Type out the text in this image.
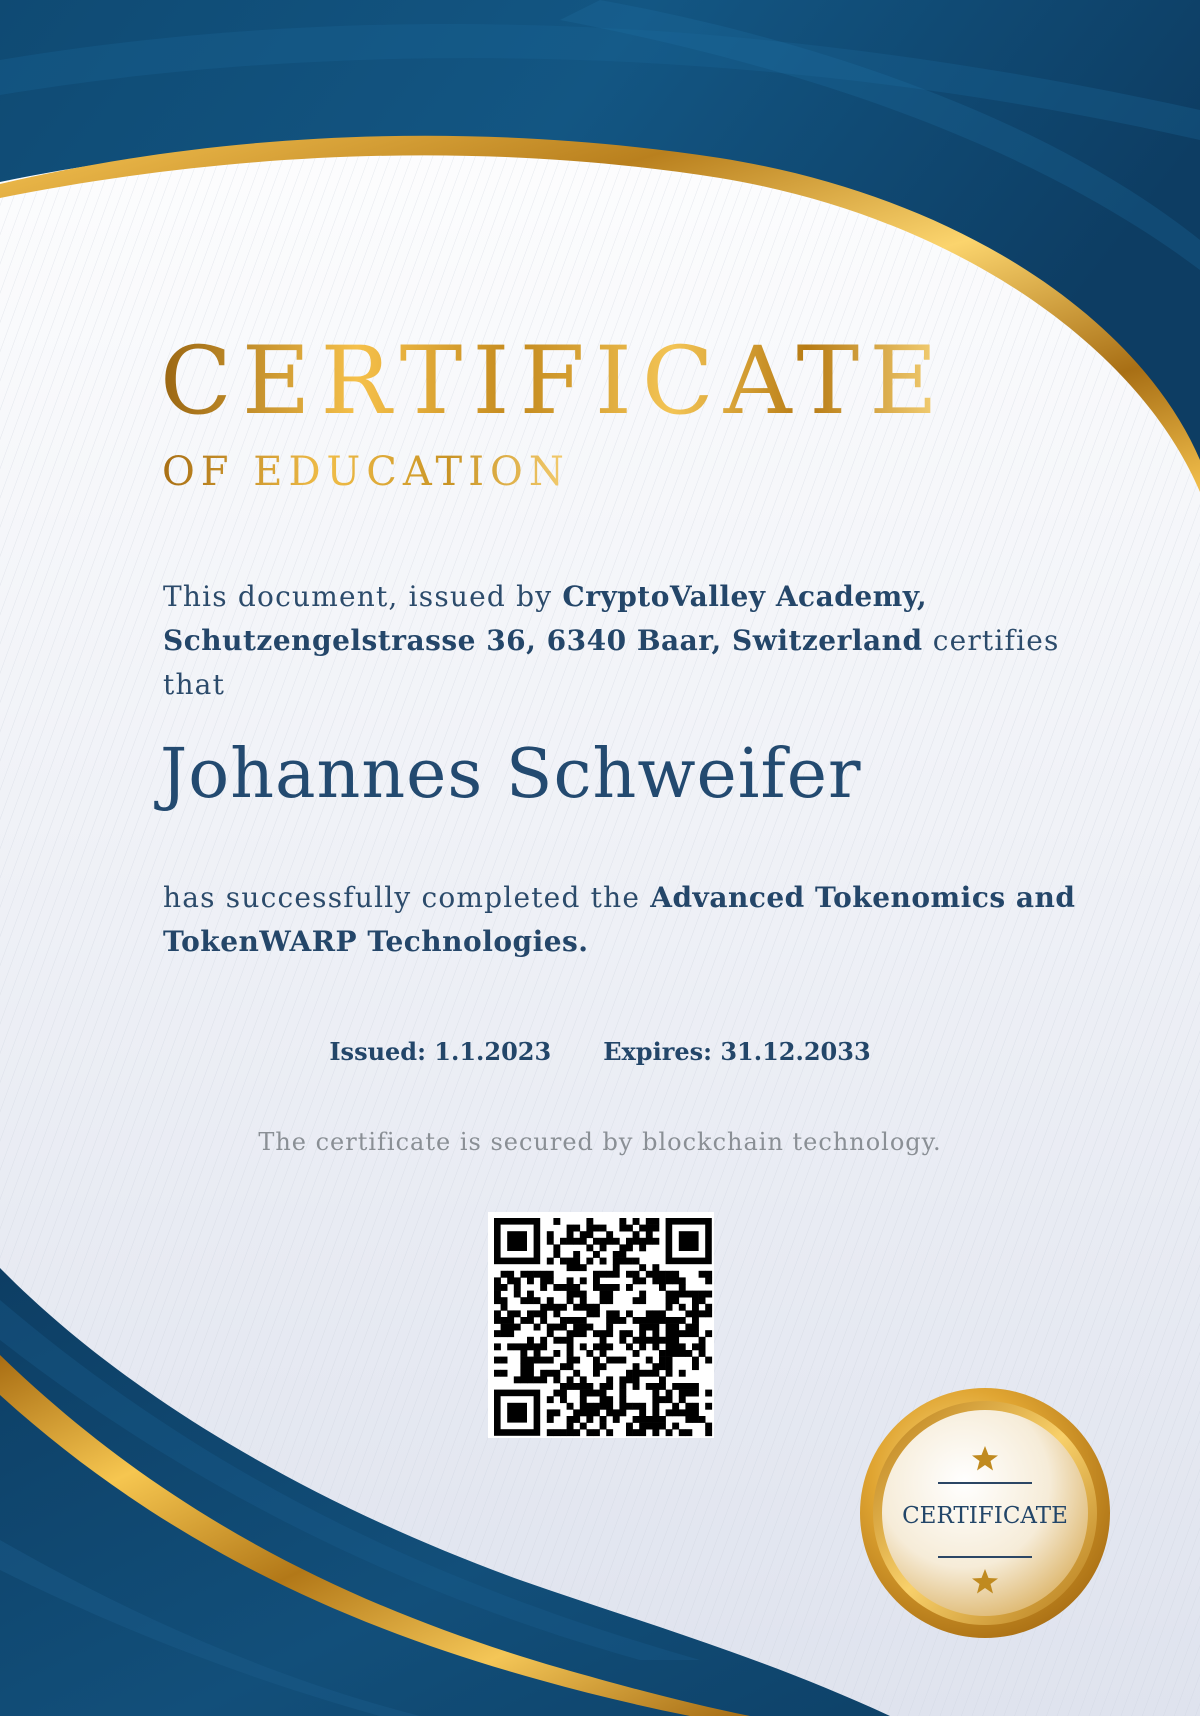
CERTIFICATE
OF EDUCATION

This document, issued by CryptoValley Academy, Schutzengelstrasse 36, 6340 Baar, Switzerland certifies that

Johannes Schweifer

has successfully completed the Advanced Tokenomics and TokenWARP Technologies.

Issued: 1.1.2023 Expires: 31.12.2033
The certificate is secured by blockchain technology.
CERTIFICATE
